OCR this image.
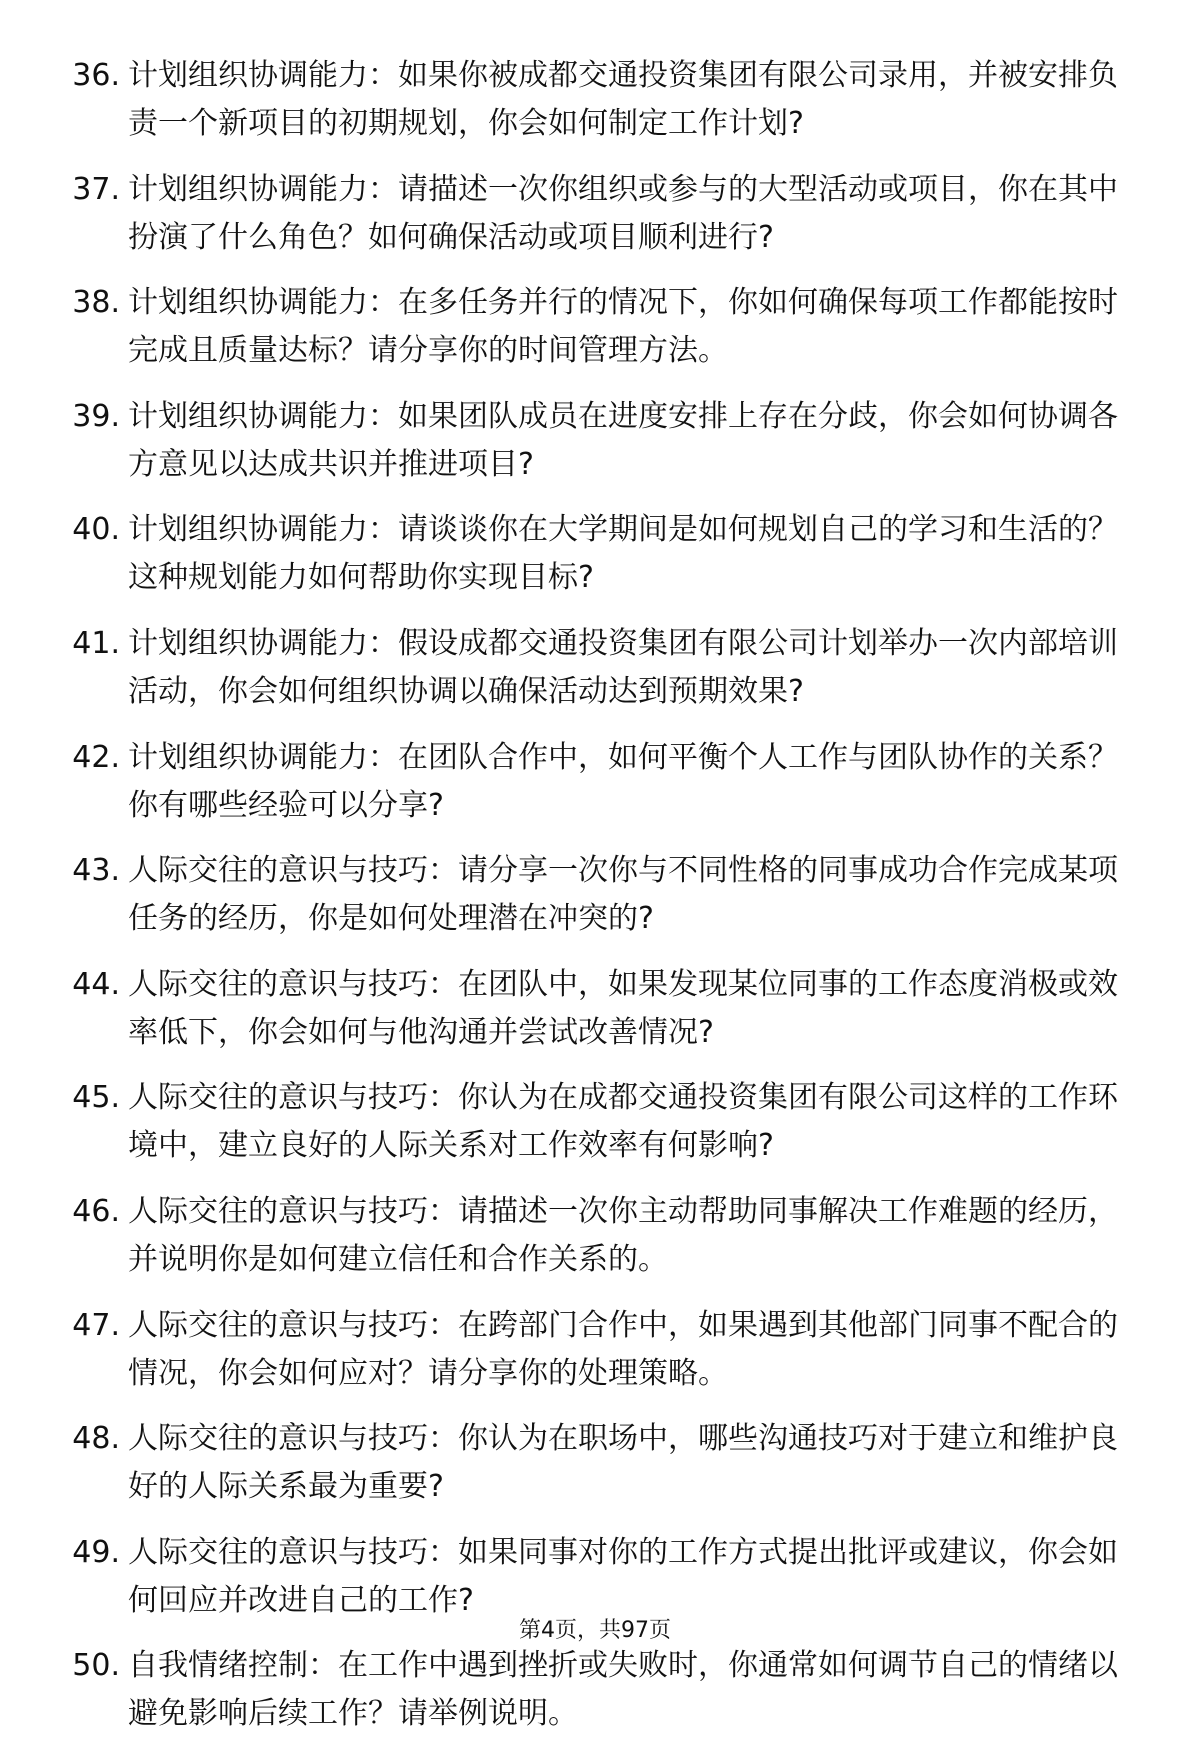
36. 计划组织协调能力：如果你被成都交通投资集团有限公司录用，并被安排负责一个新项目的初期规划，你会如何制定工作计划?
37. 计划组织协调能力：请描述一次你组织或参与的大型活动或项目，你在其中扮演了什么角色？如何确保活动或项目顺利进行?
38. 计划组织协调能力：在多任务并行的情况下，你如何确保每项工作都能按时完成且质量达标？请分享你的时间管理方法。
39. 计划组织协调能力：如果团队成员在进度安排上存在分歧，你会如何协调各方意见以达成共识并推进项目?
40. 计划组织协调能力：请谈谈你在大学期间是如何规划自己的学习和生活的？这种规划能力如何帮助你实现目标?
41. 计划组织协调能力：假设成都交通投资集团有限公司计划举办一次内部培训活动，你会如何组织协调以确保活动达到预期效果?
42. 计划组织协调能力：在团队合作中，如何平衡个人工作与团队协作的关系？你有哪些经验可以分享?
43. 人际交往的意识与技巧：请分享一次你与不同性格的同事成功合作完成某项任务的经历，你是如何处理潜在冲突的?
44. 人际交往的意识与技巧：在团队中，如果发现某位同事的工作态度消极或效率低下，你会如何与他沟通并尝试改善情况?
45. 人际交往的意识与技巧：你认为在成都交通投资集团有限公司这样的工作环境中，建立良好的人际关系对工作效率有何影响?
46. 人际交往的意识与技巧：请描述一次你主动帮助同事解决工作难题的经历，并说明你是如何建立信任和合作关系的。
47. 人际交往的意识与技巧：在跨部门合作中，如果遇到其他部门同事不配合的情况，你会如何应对？请分享你的处理策略。
48. 人际交往的意识与技巧：你认为在职场中，哪些沟通技巧对于建立和维护良好的人际关系最为重要?
49. 人际交往的意识与技巧：如果同事对你的工作方式提出批评或建议，你会如何回应并改进自己的工作?
50. 自我情绪控制：在工作中遇到挫折或失败时，你通常如何调节自己的情绪以避免影响后续工作？请举例说明。
第4页，共97页
